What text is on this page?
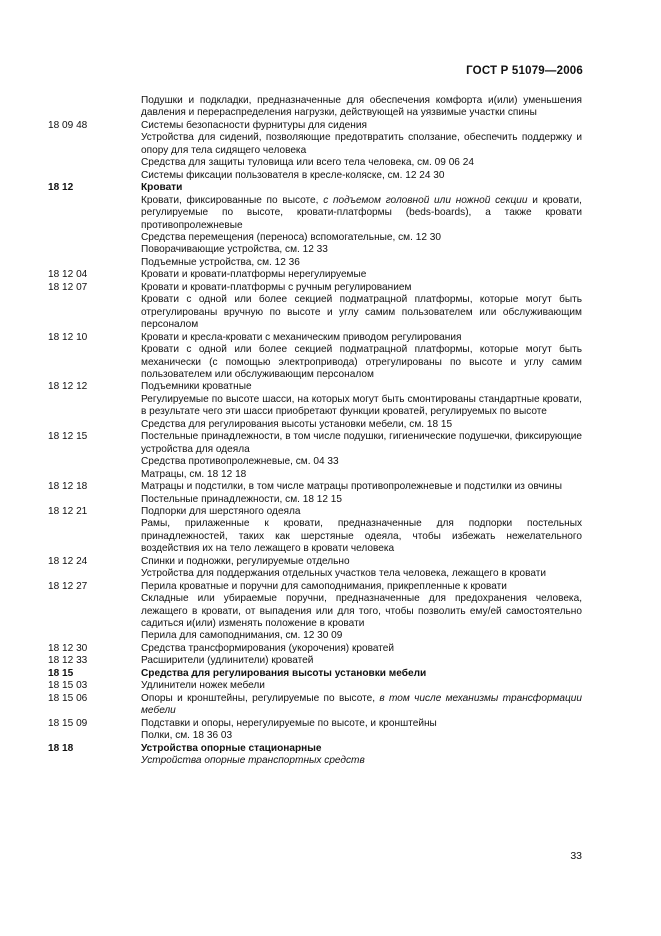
ГОСТ Р 51079—2006
Подушки и подкладки, предназначенные для обеспечения комфорта и(или) уменьшения давления и перераспределения нагрузки, действующей на уязвимые участки спины
18 09 48	Системы безопасности фурнитуры для сидения
Устройства для сидений, позволяющие предотвратить сползание, обеспечить поддержку и опору для тела сидящего человека
Средства для защиты туловища или всего тела человека, см. 09 06 24
Системы фиксации пользователя в кресле-коляске, см. 12 24 30
18 12	Кровати
Кровати, фиксированные по высоте, с подъемом головной или ножной секции и кровати, регулируемые по высоте, кровати-платформы (beds-boards), а также кровати противопролежневые
Средства перемещения (переноса) вспомогательные, см. 12 30
Поворачивающие устройства, см. 12 33
Подъемные устройства, см. 12 36
18 12 04	Кровати и кровати-платформы нерегулируемые
18 12 07	Кровати и кровати-платформы с ручным регулированием
Кровати с одной или более секцией подматрацной платформы, которые могут быть отрегулированы вручную по высоте и углу самим пользователем или обслуживающим персоналом
18 12 10	Кровати и кресла-кровати с механическим приводом регулирования
Кровати с одной или более секцией подматрацной платформы, которые могут быть механически (с помощью электропривода) отрегулированы по высоте и углу самим пользователем или обслуживающим персоналом
18 12 12	Подъемники кроватные
Регулируемые по высоте шасси, на которых могут быть смонтированы стандартные кровати, в результате чего эти шасси приобретают функции кроватей, регулируемых по высоте
Средства для регулирования высоты установки мебели, см. 18 15
18 12 15	Постельные принадлежности, в том числе подушки, гигиенические подушечки, фиксирующие устройства для одеяла
Средства противопролежневые, см. 04 33
Матрацы, см. 18 12 18
18 12 18	Матрацы и подстилки, в том числе матрацы противопролежневые и подстилки из овчины
Постельные принадлежности, см. 18 12 15
18 12 21	Подпорки для шерстяного одеяла
Рамы, прилаженные к кровати, предназначенные для подпорки постельных принадлежностей, таких как шерстяные одеяла, чтобы избежать нежелательного воздействия их на тело лежащего в кровати человека
18 12 24	Спинки и подножки, регулируемые отдельно
Устройства для поддержания отдельных участков тела человека, лежащего в кровати
18 12 27	Перила кроватные и поручни для самоподнимания, прикрепленные к кровати
Складные или убираемые поручни, предназначенные для предохранения человека, лежащего в кровати, от выпадения или для того, чтобы позволить ему/ей самостоятельно садиться и(или) изменять положение в кровати
Перила для самоподнимания, см. 12 30 09
18 12 30	Средства трансформирования (укорочения) кроватей
18 12 33	Расширители (удлинители) кроватей
18 15	Средства для регулирования высоты установки мебели
18 15 03	Удлинители ножек мебели
18 15 06	Опоры и кронштейны, регулируемые по высоте, в том числе механизмы трансформации мебели
18 15 09	Подставки и опоры, нерегулируемые по высоте, и кронштейны
Полки, см. 18 36 03
18 18	Устройства опорные стационарные
Устройства опорные транспортных средств
33
